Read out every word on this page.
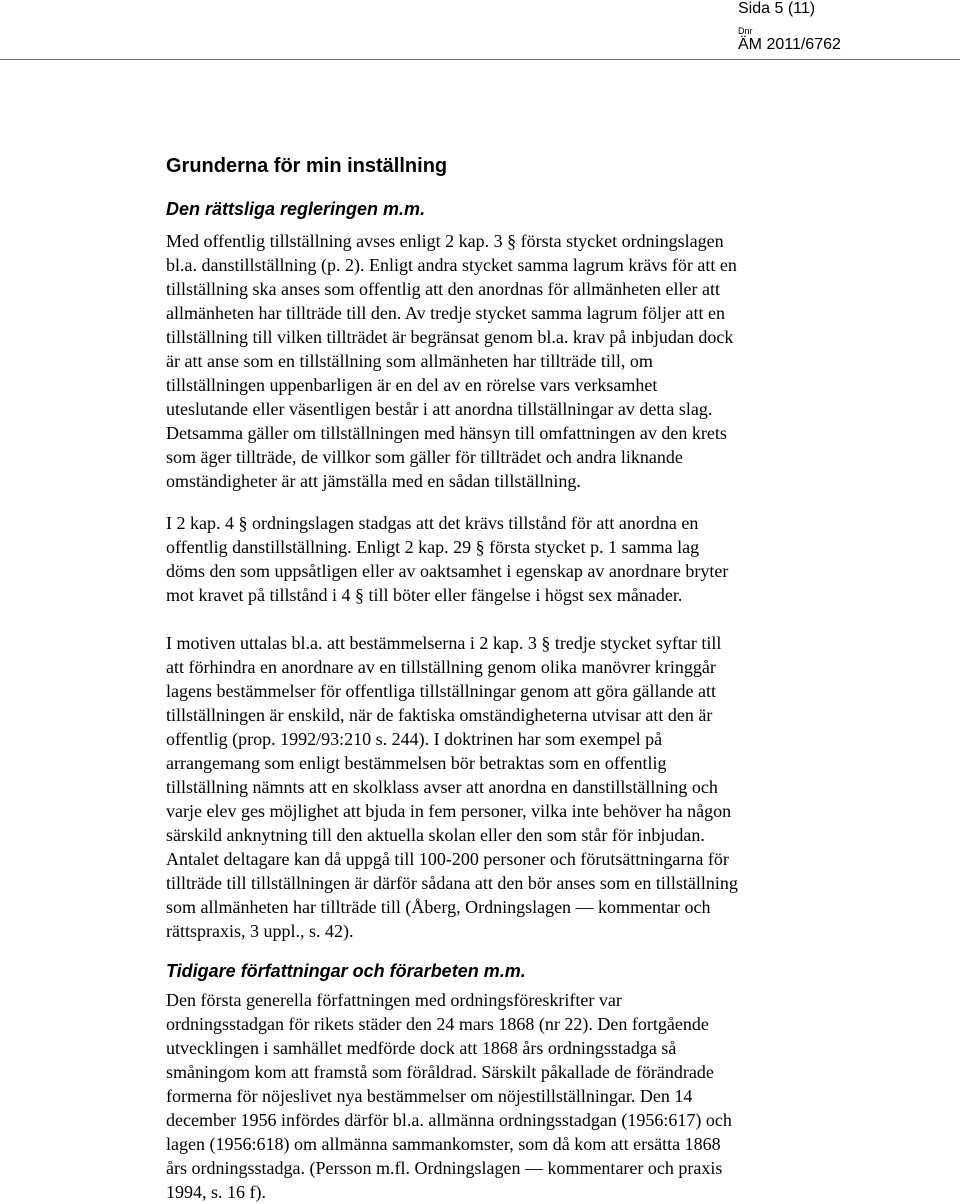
Sida 5 (11)
Dnr
ÄM 2011/6762
Grunderna för min inställning
Den rättsliga regleringen m.m.

Med offentlig tillställning avses enligt 2 kap. 3 § första stycket ordningslagen
bl.a. danstillställning (p. 2). Enligt andra stycket samma lagrum krävs för att en
tillställning ska anses som offentlig att den anordnas för allmänheten eller att
allmänheten har tillträde till den. Av tredje stycket samma lagrum följer att en
tillställning till vilken tillträdet är begränsat genom bl.a. krav på inbjudan dock
är att anse som en tillställning som allmänheten har tillträde till, om
tillställningen uppenbarligen är en del av en rörelse vars verksamhet
uteslutande eller väsentligen består i att anordna tillställningar av detta slag.
Detsamma gäller om tillställningen med hänsyn till omfattningen av den krets
som äger tillträde, de villkor som gäller för tillträdet och andra liknande
omständigheter är att jämställa med en sådan tillställning.

I 2 kap. 4 § ordningslagen stadgas att det krävs tillstånd för att anordna en
offentlig danstillställning. Enligt 2 kap. 29 § första stycket p. 1 samma lag
döms den som uppsåtligen eller av oaktsamhet i egenskap av anordnare bryter
mot kravet på tillstånd i 4 § till böter eller fängelse i högst sex månader.

I motiven uttalas bl.a. att bestämmelserna i 2 kap. 3 § tredje stycket syftar till
att förhindra en anordnare av en tillställning genom olika manövrer kringgår
lagens bestämmelser för offentliga tillställningar genom att göra gällande att
tillställningen är enskild, när de faktiska omständigheterna utvisar att den är
offentlig (prop. 1992/93:210 s. 244). I doktrinen har som exempel på
arrangemang som enligt bestämmelsen bör betraktas som en offentlig
tillställning nämnts att en skolklass avser att anordna en danstillställning och
varje elev ges möjlighet att bjuda in fem personer, vilka inte behöver ha någon
särskild anknytning till den aktuella skolan eller den som står för inbjudan.
Antalet deltagare kan då uppgå till 100-200 personer och förutsättningarna för
tillträde till tillställningen är därför sådana att den bör anses som en tillställning
som allmänheten har tillträde till (Åberg, Ordningslagen — kommentar och
rättspraxis, 3 uppl., s. 42).

Tidigare författningar och förarbeten m.m.

Den första generella författningen med ordningsföreskrifter var
ordningsstadgan för rikets städer den 24 mars 1868 (nr 22). Den fortgående
utvecklingen i samhället medförde dock att 1868 års ordningsstadga så
småningom kom att framstå som föråldrad. Särskilt påkallade de förändrade
formerna för nöjeslivet nya bestämmelser om nöjestillställningar. Den 14
december 1956 infördes därför bl.a. allmänna ordningsstadgan (1956:617) och
lagen (1956:618) om allmänna sammankomster, som då kom att ersätta 1868
års ordningsstadga. (Persson m.fl. Ordningslagen — kommentarer och praxis
1994, s. 16 f).
